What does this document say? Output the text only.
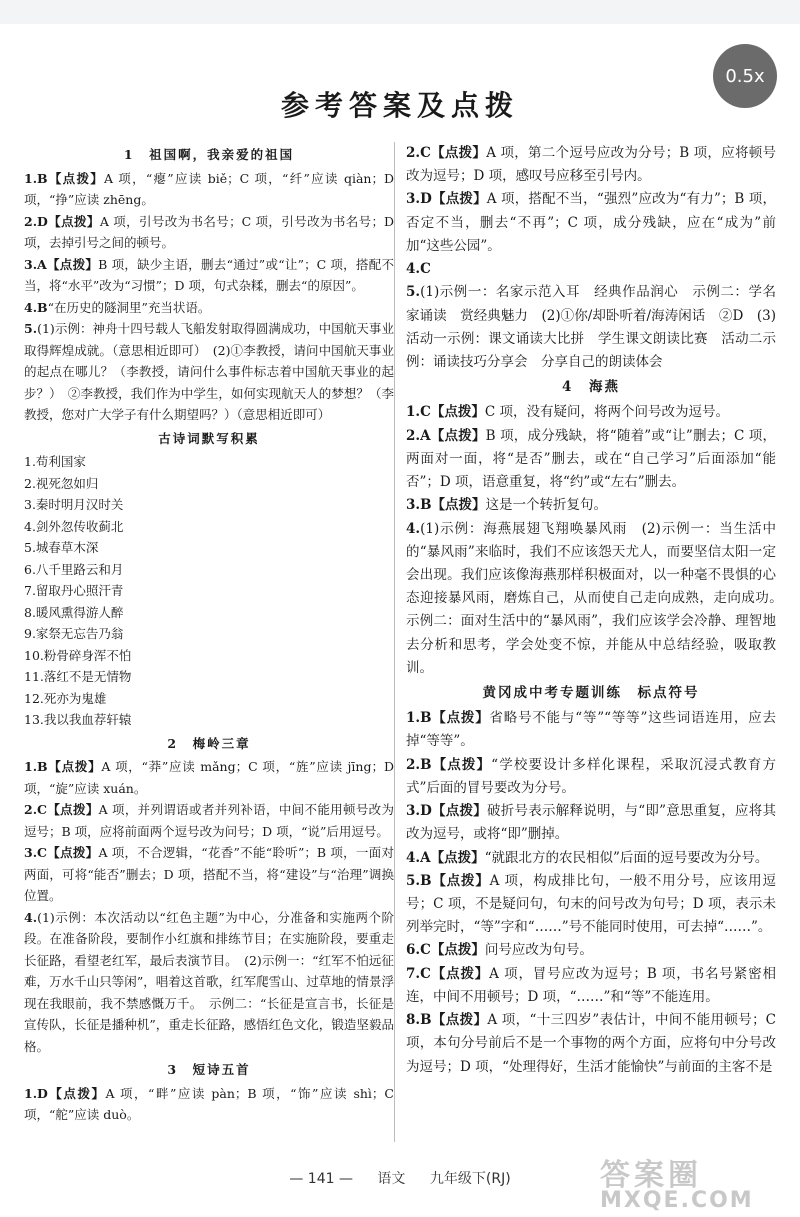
0.5x
参考答案及点拨
1　祖国啊，我亲爱的祖国

1.B【点拨】A 项，“瘪”应读 biě；C 项，“纤”应读 qiàn；D 项，“挣”应读 zhēng。

2.D【点拨】A 项，引号改为书名号；C 项，引号改为书名号；D 项，去掉引号之间的顿号。

3.A【点拨】B 项，缺少主语，删去“通过”或“让”；C 项，搭配不当，将“水平”改为“习惯”；D 项，句式杂糅，删去“的原因”。

4.B“在历史的隧洞里”充当状语。

5.(1)示例：神舟十四号载人飞船发射取得圆满成功，中国航天事业取得辉煌成就。（意思相近即可）　(2)①李教授，请问中国航天事业的起点在哪儿？（李教授，请问什么事件标志着中国航天事业的起步？）　②李教授，我们作为中学生，如何实现航天人的梦想？（李教授，您对广大学子有什么期望吗？）（意思相近即可）

古诗词默写积累

1.苟利国家

2.视死忽如归

3.秦时明月汉时关

4.剑外忽传收蓟北

5.城春草木深

6.八千里路云和月

7.留取丹心照汗青

8.暖风熏得游人醉

9.家祭无忘告乃翁

10.粉骨碎身浑不怕

11.落红不是无情物

12.死亦为鬼雄

13.我以我血荐轩辕

2　梅岭三章

1.B【点拨】A 项，“莽”应读 mǎng；C 项，“旌”应读 jīng；D 项，“旋”应读 xuán。

2.C【点拨】A 项，并列谓语或者并列补语，中间不能用顿号改为逗号；B 项，应将前面两个逗号改为问号；D 项，“说”后用逗号。

3.C【点拨】A 项，不合逻辑，“花香”不能“聆听”；B 项，一面对两面，可将“能否”删去；D 项，搭配不当，将“建设”与“治理”调换位置。

4.(1)示例：本次活动以“红色主题”为中心，分准备和实施两个阶段。在准备阶段，要制作小红旗和排练节目；在实施阶段，要重走长征路，看望老红军，最后表演节目。　(2)示例一：“红军不怕远征难，万水千山只等闲”，唱着这首歌，红军爬雪山、过草地的情景浮现在我眼前，我不禁感慨万千。　示例二：“长征是宣言书，长征是宣传队，长征是播种机”，重走长征路，感悟红色文化，锻造坚毅品格。

3　短诗五首

1.D【点拨】A 项，“畔”应读 pàn；B 项，“饰”应读 shì；C 项，“舵”应读 duò。

2.C【点拨】A 项，第二个逗号应改为分号；B 项，应将顿号改为逗号；D 项，感叹号应移至引号内。

3.D【点拨】A 项，搭配不当，“强烈”应改为“有力”；B 项，否定不当，删去“不再”；C 项，成分残缺，应在“成为”前加“这些公园”。

4.C

5.(1)示例一：名家示范入耳　经典作品润心　示例二：学名家诵读　赏经典魅力　(2)①你/却卧听着/海涛闲话　②D　(3)活动一示例：课文诵读大比拼　学生课文朗读比赛　活动二示例：诵读技巧分享会　分享自己的朗读体会

4　海燕

1.C【点拨】C 项，没有疑问，将两个问号改为逗号。

2.A【点拨】B 项，成分残缺，将“随着”或“让”删去；C 项，两面对一面，将“是否”删去，或在“自己学习”后面添加“能否”；D 项，语意重复，将“约”或“左右”删去。

3.B【点拨】这是一个转折复句。

4.(1)示例：海燕展翅飞翔唤暴风雨　(2)示例一：当生活中的“暴风雨”来临时，我们不应该怨天尤人，而要坚信太阳一定会出现。我们应该像海燕那样积极面对，以一种毫不畏惧的心态迎接暴风雨，磨炼自己，从而使自己走向成熟，走向成功。　示例二：面对生活中的“暴风雨”，我们应该学会冷静、理智地去分析和思考，学会处变不惊，并能从中总结经验，吸取教训。

黄冈成中考专题训练　标点符号

1.B【点拨】省略号不能与“等”“等等”这些词语连用，应去掉“等等”。

2.B【点拨】“学校要设计多样化课程，采取沉浸式教育方式”后面的冒号要改为分号。

3.D【点拨】破折号表示解释说明，与“即”意思重复，应将其改为逗号，或将“即”删掉。

4.A【点拨】“就跟北方的农民相似”后面的逗号要改为分号。

5.B【点拨】A 项，构成排比句，一般不用分号，应该用逗号；C 项，不是疑问句，句末的问号改为句号；D 项，表示未列举完时，“等”字和“……”号不能同时使用，可去掉“……”。

6.C【点拨】问号应改为句号。

7.C【点拨】A 项，冒号应改为逗号；B 项，书名号紧密相连，中间不用顿号；D 项，“……”和“等”不能连用。

8.B【点拨】A 项，“十三四岁”表估计，中间不能用顿号；C 项，本句分号前后不是一个事物的两个方面，应将句中分号改为逗号；D 项，“处理得好，生活才能愉快”与前面的主客不是

— 141 — 语文 九年级下(RJ)	答案圈
MXQE.COM
